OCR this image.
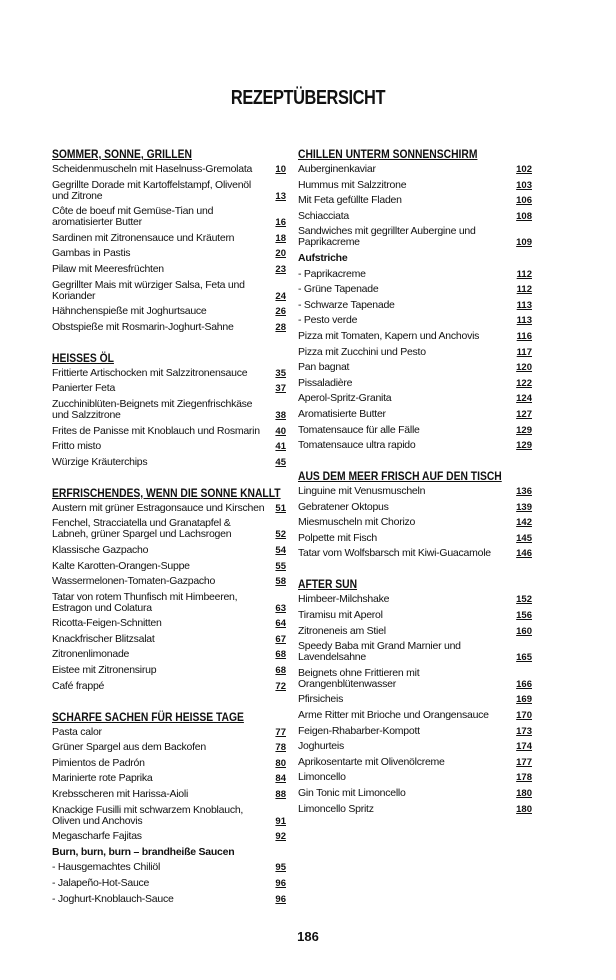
REZEPTÜBERSICHT
SOMMER, SONNE, GRILLEN
Scheidenmuscheln mit Haselnuss-Gremolata	10
Gegrillte Dorade mit Kartoffelstampf, Olivenöl und Zitrone	13
Côte de boeuf mit Gemüse-Tian und aromatisierter Butter	16
Sardinen mit Zitronensauce und Kräutern	18
Gambas in Pastis	20
Pilaw mit Meeresfrüchten	23
Gegrillter Mais mit würziger Salsa, Feta und Koriander	24
Hähnchenspieße mit Joghurtsauce	26
Obstspieße mit Rosmarin-Joghurt-Sahne	28
HEISSES ÖL
Frittierte Artischocken mit Salzzitronensauce	35
Panierter Feta	37
Zucchiniblüten-Beignets mit Ziegenfrischkäse und Salzzitrone	38
Frites de Panisse mit Knoblauch und Rosmarin	40
Fritto misto	41
Würzige Kräuterchips	45
ERFRISCHENDES, WENN DIE SONNE KNALLT
Austern mit grüner Estragonsauce und Kirschen	51
Fenchel, Stracciatella und Granatapfel & Labneh, grüner Spargel und Lachsrogen	52
Klassische Gazpacho	54
Kalte Karotten-Orangen-Suppe	55
Wassermelonen-Tomaten-Gazpacho	58
Tatar von rotem Thunfisch mit Himbeeren, Estragon und Colatura	63
Ricotta-Feigen-Schnitten	64
Knackfrischer Blitzsalat	67
Zitronenlimonade	68
Eistee mit Zitronensirup	68
Café frappé	72
SCHARFE SACHEN FÜR HEISSE TAGE
Pasta calor	77
Grüner Spargel aus dem Backofen	78
Pimientos de Padrón	80
Marinierte rote Paprika	84
Krebsscheren mit Harissa-Aioli	88
Knackige Fusilli mit schwarzem Knoblauch, Oliven und Anchovis	91
Megascharfe Fajitas	92
Burn, burn, burn – brandheiße Saucen
- Hausgemachtes Chiliöl	95
- Jalapeño-Hot-Sauce	96
- Joghurt-Knoblauch-Sauce	96
CHILLEN UNTERM SONNENSCHIRM
Auberginenkaviar	102
Hummus mit Salzzitrone	103
Mit Feta gefüllte Fladen	106
Schiacciata	108
Sandwiches mit gegrillter Aubergine und Paprikacreme	109
Aufstriche
- Paprikacreme	112
- Grüne Tapenade	112
- Schwarze Tapenade	113
- Pesto verde	113
Pizza mit Tomaten, Kapern und Anchovis	116
Pizza mit Zucchini und Pesto	117
Pan bagnat	120
Pissaladière	122
Aperol-Spritz-Granita	124
Aromatisierte Butter	127
Tomatensauce für alle Fälle	129
Tomatensauce ultra rapido	129
AUS DEM MEER FRISCH AUF DEN TISCH
Linguine mit Venusmuscheln	136
Gebratener Oktopus	139
Miesmuscheln mit Chorizo	142
Polpette mit Fisch	145
Tatar vom Wolfsbarsch mit Kiwi-Guacamole	146
AFTER SUN
Himbeer-Milchshake	152
Tiramisu mit Aperol	156
Zitroneneis am Stiel	160
Speedy Baba mit Grand Marnier und Lavendelsahne	165
Beignets ohne Frittieren mit Orangenblütenwasser	166
Pfirsicheis	169
Arme Ritter mit Brioche und Orangensauce	170
Feigen-Rhabarber-Kompott	173
Joghurteis	174
Aprikosentarte mit Olivenölcreme	177
Limoncello	178
Gin Tonic mit Limoncello	180
Limoncello Spritz	180
186
